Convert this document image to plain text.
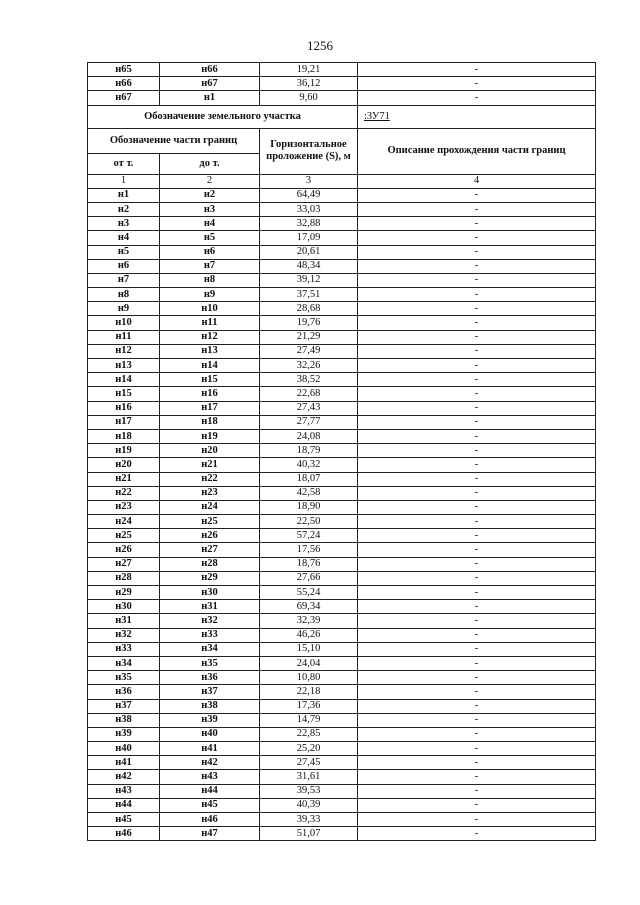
1256
н65	н66	19,21	-
н66	н67	36,12	-
н67	н1	9,60	-
Обозначение земельного участка			:ЗУ71
Обозначение части границ		Горизонтальное проложение (S), м	Описание прохождения части границ
от т.	до т.		
1	2	3	4
н1	н2	64,49	-
н2	н3	33,03	-
н3	н4	32,88	-
н4	н5	17,09	-
н5	н6	20,61	-
н6	н7	48,34	-
н7	н8	39,12	-
н8	н9	37,51	-
н9	н10	28,68	-
н10	н11	19,76	-
н11	н12	21,29	-
н12	н13	27,49	-
н13	н14	32,26	-
н14	н15	38,52	-
н15	н16	22,68	-
н16	н17	27,43	-
н17	н18	27,77	-
н18	н19	24,08	-
н19	н20	18,79	-
н20	н21	40,32	-
н21	н22	18,07	-
н22	н23	42,58	-
н23	н24	18,90	-
н24	н25	22,50	-
н25	н26	57,24	-
н26	н27	17,56	-
н27	н28	18,76	-
н28	н29	27,66	-
н29	н30	55,24	-
н30	н31	69,34	-
н31	н32	32,39	-
н32	н33	46,26	-
н33	н34	15,10	-
н34	н35	24,04	-
н35	н36	10,80	-
н36	н37	22,18	-
н37	н38	17,36	-
н38	н39	14,79	-
н39	н40	22,85	-
н40	н41	25,20	-
н41	н42	27,45	-
н42	н43	31,61	-
н43	н44	39,53	-
н44	н45	40,39	-
н45	н46	39,33	-
н46	н47	51,07	-
